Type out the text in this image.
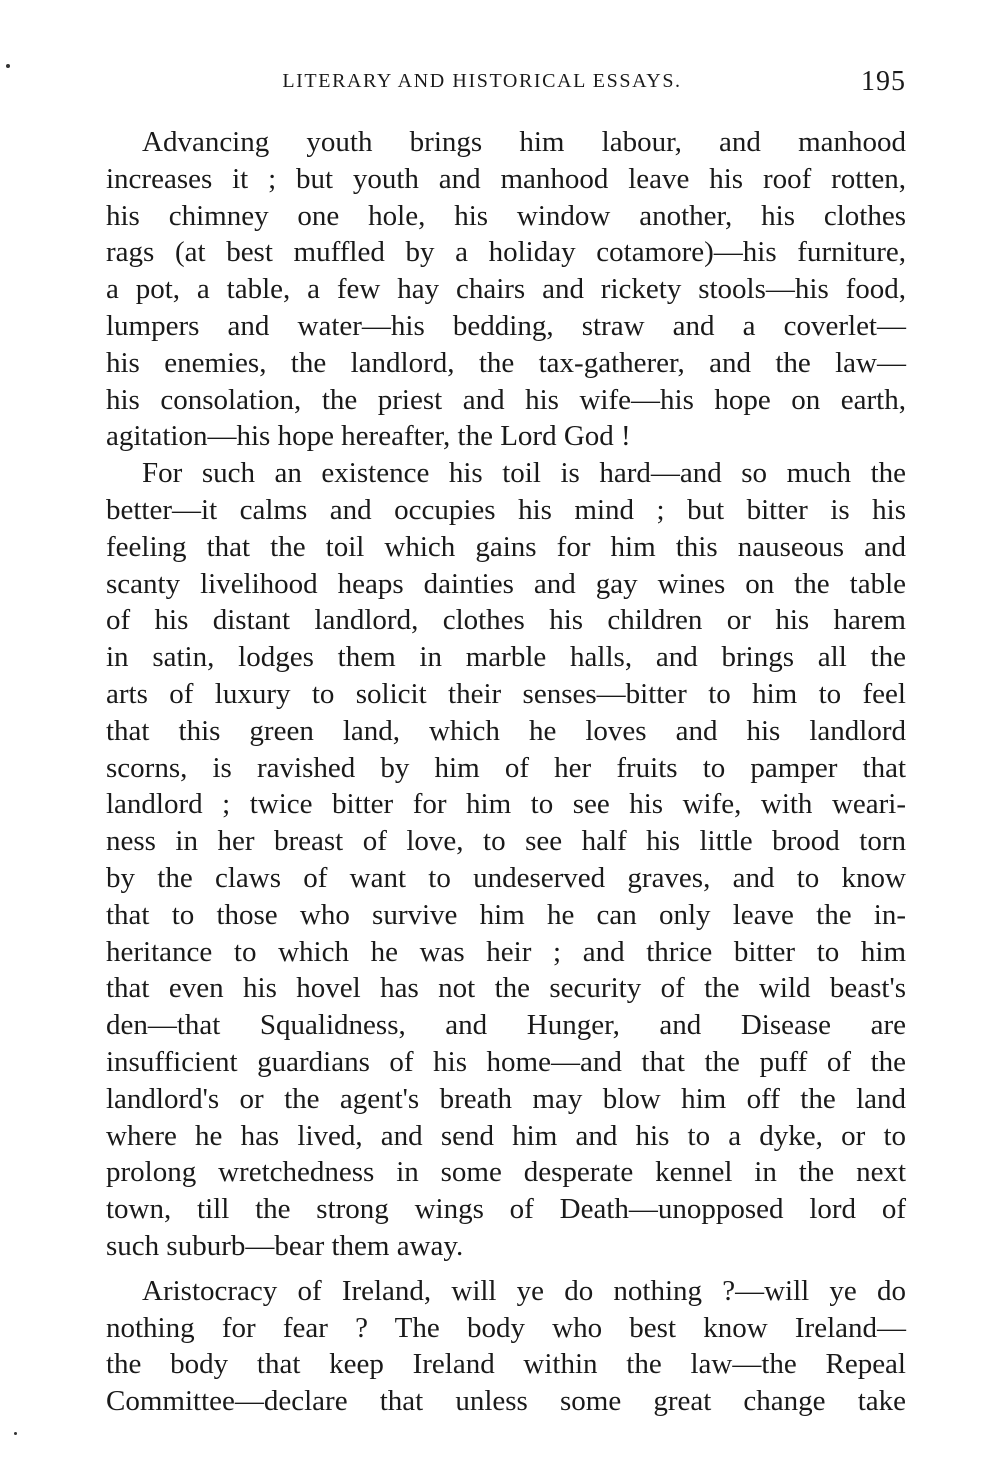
LITERARY AND HISTORICAL ESSAYS.	195
Advancing youth brings him labour, and manhood
increases it ; but youth and manhood leave his roof rotten,
his chimney one hole, his window another, his clothes
rags (at best muffled by a holiday cotamore)—his furniture,
a pot, a table, a few hay chairs and rickety stools—his food,
lumpers and water—his bedding, straw and a coverlet—
his enemies, the landlord, the tax-gatherer, and the law—
his consolation, the priest and his wife—his hope on earth,
agitation—his hope hereafter, the Lord God !
For such an existence his toil is hard—and so much the
better—it calms and occupies his mind ; but bitter is his
feeling that the toil which gains for him this nauseous and
scanty livelihood heaps dainties and gay wines on the table
of his distant landlord, clothes his children or his harem
in satin, lodges them in marble halls, and brings all the
arts of luxury to solicit their senses—bitter to him to feel
that this green land, which he loves and his landlord
scorns, is ravished by him of her fruits to pamper that
landlord ; twice bitter for him to see his wife, with weari-
ness in her breast of love, to see half his little brood torn
by the claws of want to undeserved graves, and to know
that to those who survive him he can only leave the in-
heritance to which he was heir ; and thrice bitter to him
that even his hovel has not the security of the wild beast's
den—that Squalidness, and Hunger, and Disease are
insufficient guardians of his home—and that the puff of the
landlord's or the agent's breath may blow him off the land
where he has lived, and send him and his to a dyke, or to
prolong wretchedness in some desperate kennel in the next
town, till the strong wings of Death—unopposed lord of
such suburb—bear them away.
Aristocracy of Ireland, will ye do nothing ?—will ye do
nothing for fear ? The body who best know Ireland—
the body that keep Ireland within the law—the Repeal
Committee—declare that unless some great change take
